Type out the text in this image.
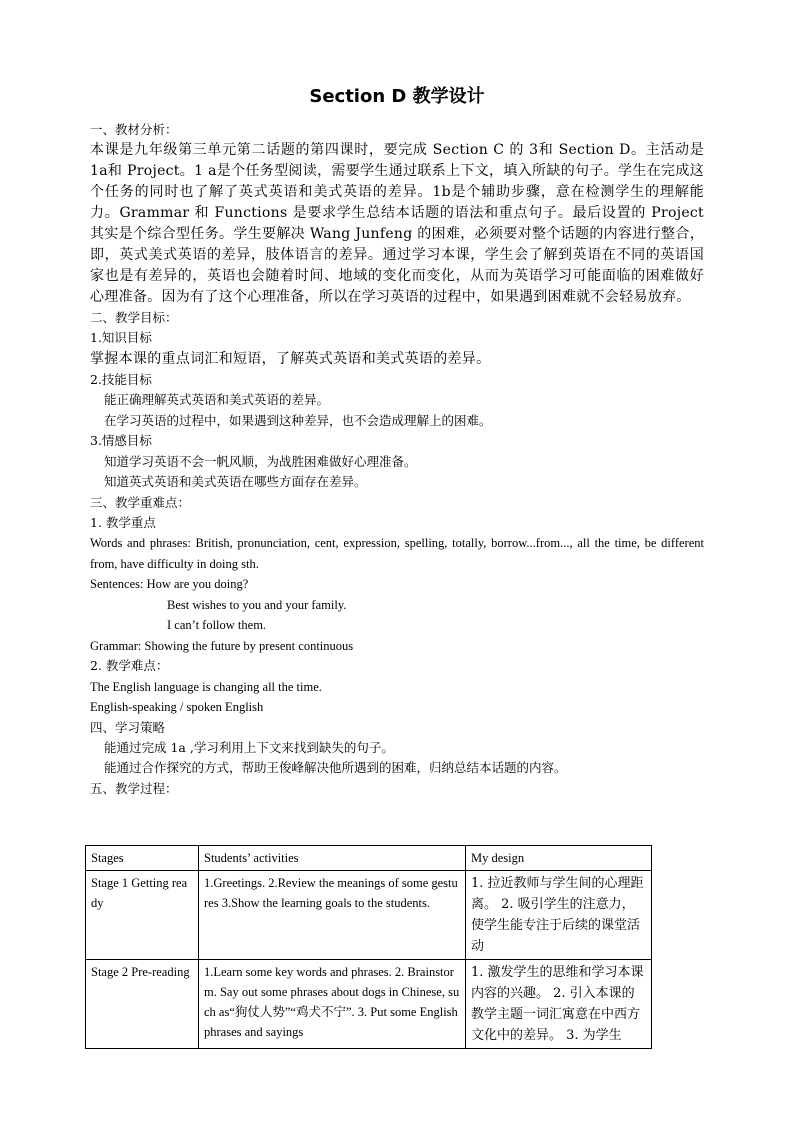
Section D 教学设计
一、教材分析：
本课是九年级第三单元第二话题的第四课时，要完成 Section C 的 3和 Section D。主活动是 1a和 Project。1 a是个任务型阅读，需要学生通过联系上下文，填入所缺的句子。学生在完成这个任务的同时也了解了英式英语和美式英语的差异。1b是个辅助步骤，意在检测学生的理解能力。Grammar 和 Functions 是要求学生总结本话题的语法和重点句子。最后设置的 Project 其实是个综合型任务。学生要解决 Wang Junfeng 的困难，必须要对整个话题的内容进行整合，即，英式美式英语的差异，肢体语言的差异。通过学习本课，学生会了解到英语在不同的英语国家也是有差异的，英语也会随着时间、地域的变化而变化，从而为英语学习可能面临的困难做好心理准备。因为有了这个心理准备，所以在学习英语的过程中，如果遇到困难就不会轻易放弃。
二、教学目标：
1.知识目标
掌握本课的重点词汇和短语，了解英式英语和美式英语的差异。
2.技能目标
能正确理解英式英语和美式英语的差异。
在学习英语的过程中，如果遇到这种差异，也不会造成理解上的困难。
3.情感目标
知道学习英语不会一帆风顺，为战胜困难做好心理准备。
知道英式英语和美式英语在哪些方面存在差异。
三、教学重难点：
1. 教学重点
Words and phrases: British, pronunciation, cent, expression, spelling, totally, borrow...from..., all the time, be different from, have difficulty in doing sth.
Sentences: How are you doing?
Best wishes to you and your family.
I can’t follow them.
Grammar: Showing the future by present continuous
2. 教学难点：
The English language is changing all the time.
English-speaking / spoken English
四、学习策略
能通过完成 1a ,学习利用上下文来找到缺失的句子。
能通过合作探究的方式，帮助王俊峰解决他所遇到的困难，归纳总结本话题的内容。
五、教学过程：
Stages	Students’ activities	My design
Stage 1 Getting ready	1.Greetings. 2.Review the meanings of some gestures 3.Show the learning goals to the students.	1. 拉近教师与学生间的心理距离。 2. 吸引学生的注意力，使学生能专注于后续的课堂活动
Stage 2 Pre-reading	1.Learn some key words and phrases. 2. Brainstorm. Say out some phrases about dogs in Chinese, such as“狗仗人势”“鸡犬不宁”. 3. Put some English phrases and sayings	1. 激发学生的思维和学习本课内容的兴趣。 2. 引入本课的教学主题一词汇寓意在中西方文化中的差异。 3. 为学生
